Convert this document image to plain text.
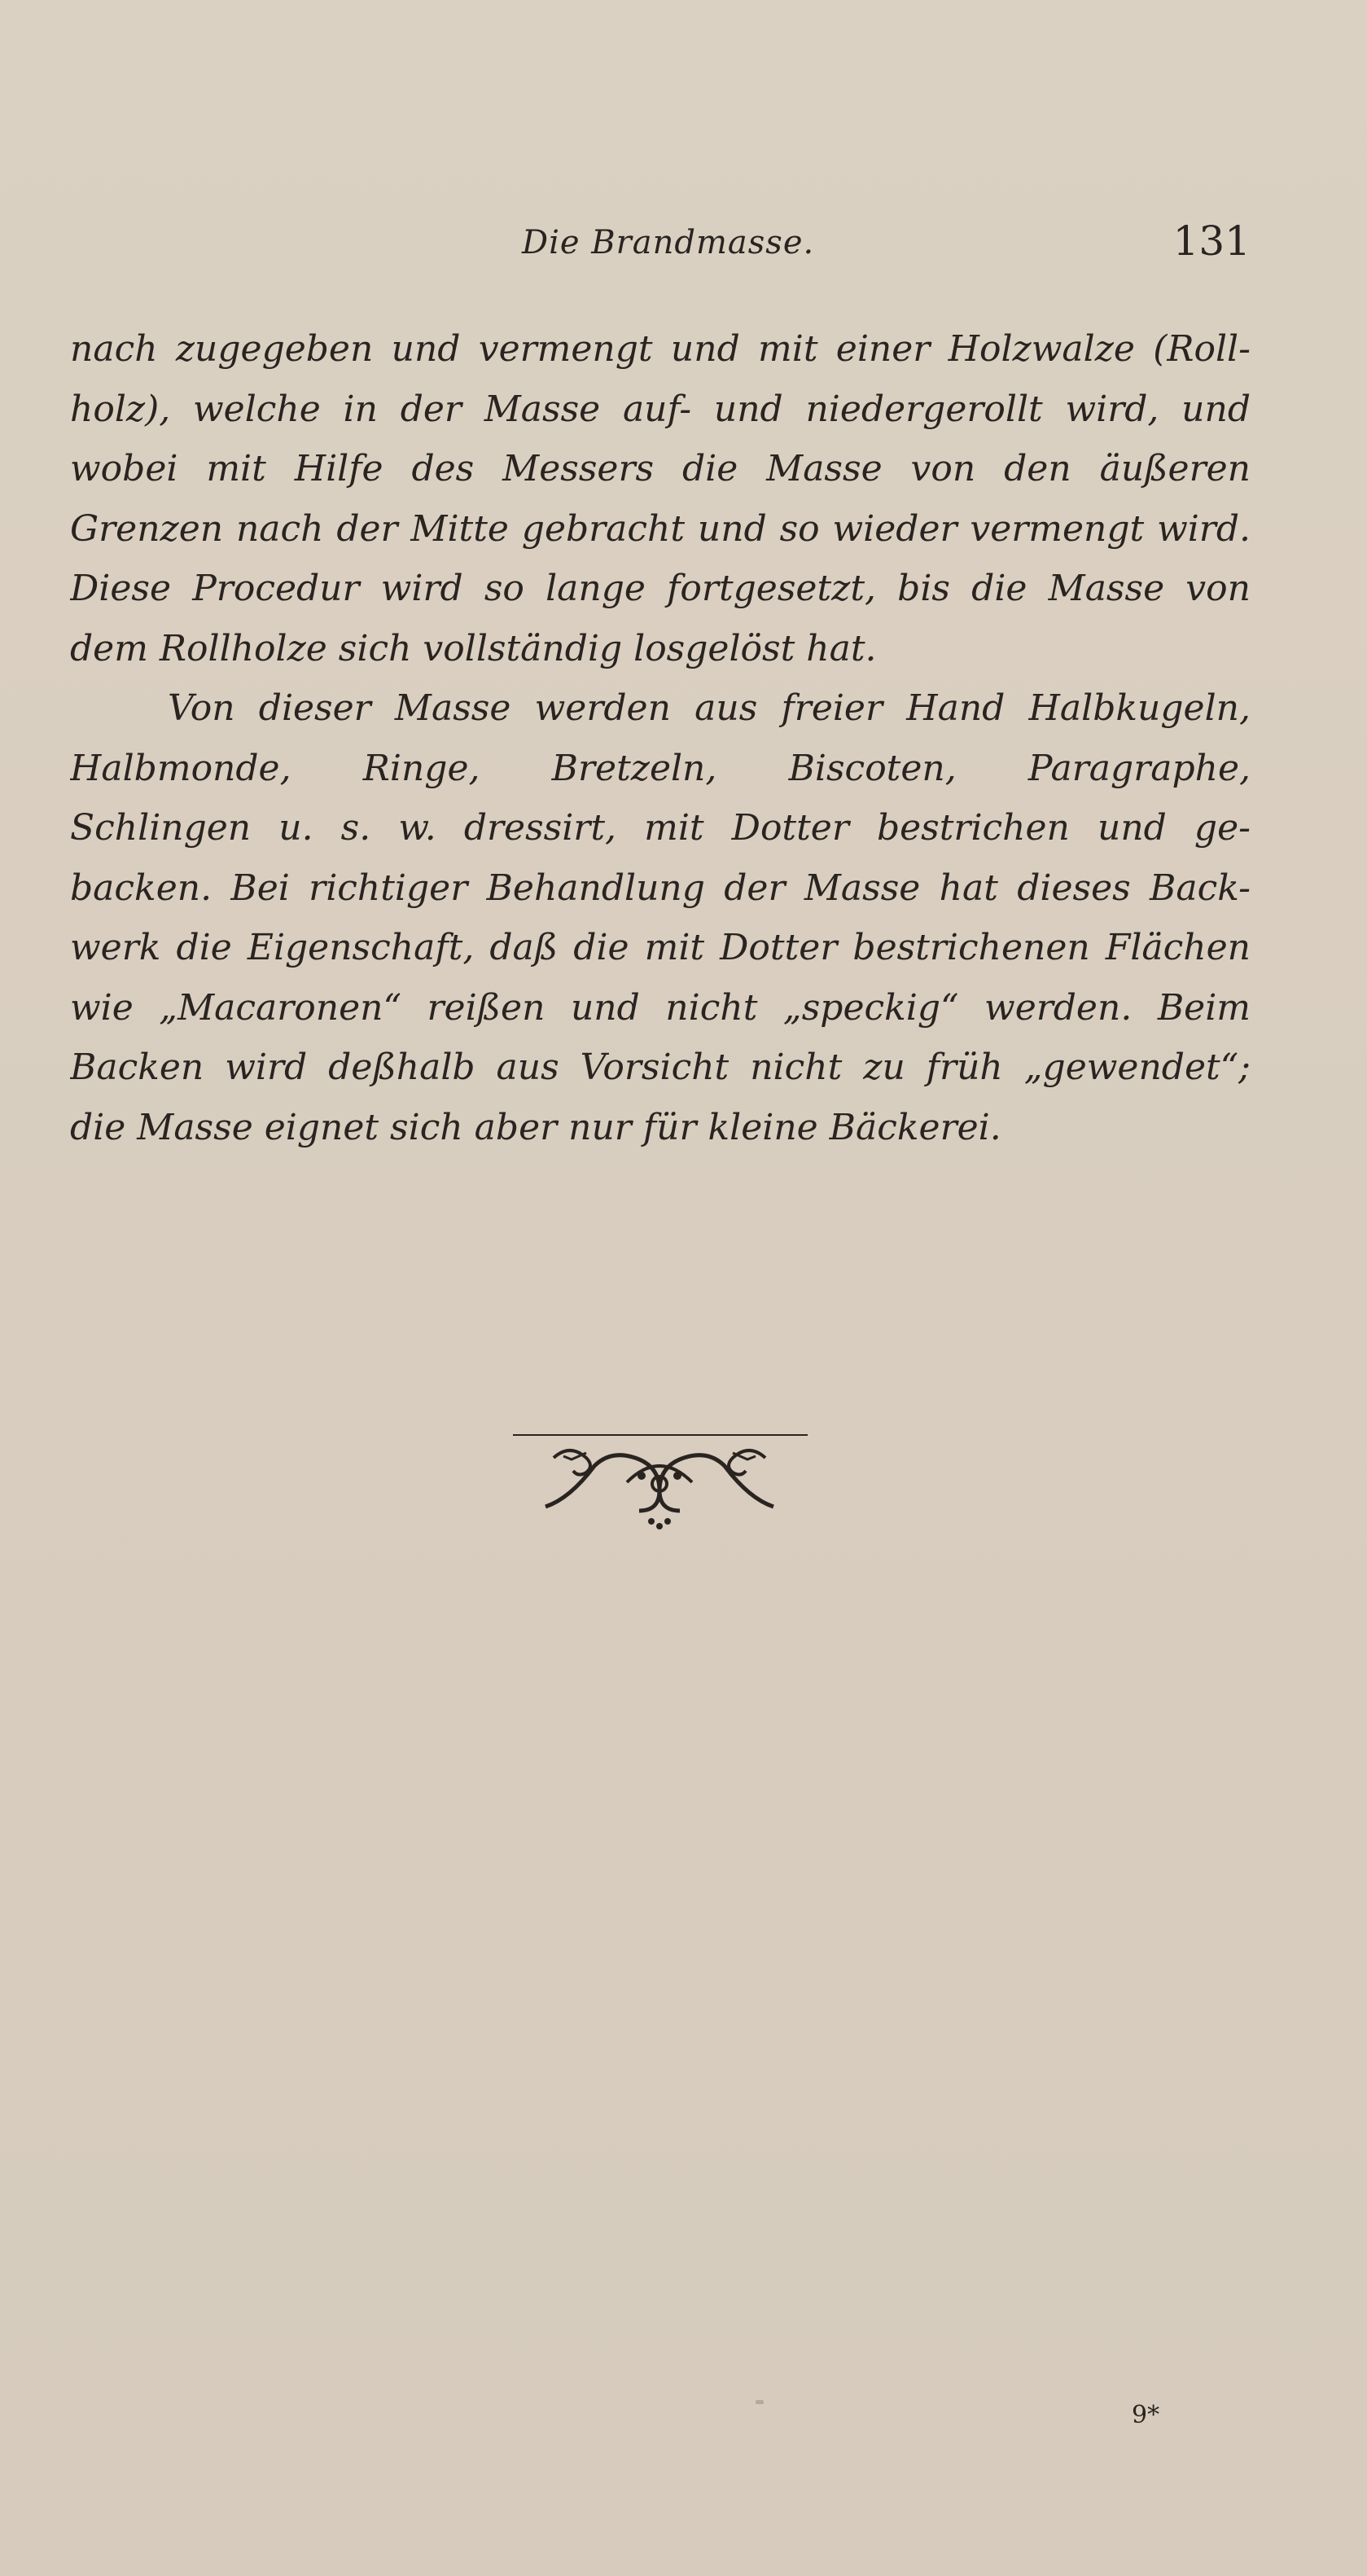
Die Brandmasse.	131
nach zugegeben und vermengt und mit einer Holzwalze (Roll-
holz), welche in der Masse auf- und niedergerollt wird, und
wobei mit Hilfe des Messers die Masse von den äußeren
Grenzen nach der Mitte gebracht und so wieder vermengt wird.
Diese Procedur wird so lange fortgesetzt, bis die Masse von
dem Rollholze sich vollständig losgelöst hat.
Von dieser Masse werden aus freier Hand Halbkugeln,
Halbmonde, Ringe, Bretzeln, Biscoten, Paragraphe,
Schlingen u. s. w. dressirt, mit Dotter bestrichen und ge-
backen. Bei richtiger Behandlung der Masse hat dieses Back-
werk die Eigenschaft, daß die mit Dotter bestrichenen Flächen
wie „Macaronen“ reißen und nicht „speckig“ werden. Beim
Backen wird deßhalb aus Vorsicht nicht zu früh „gewendet“;
die Masse eignet sich aber nur für kleine Bäckerei.
9*
